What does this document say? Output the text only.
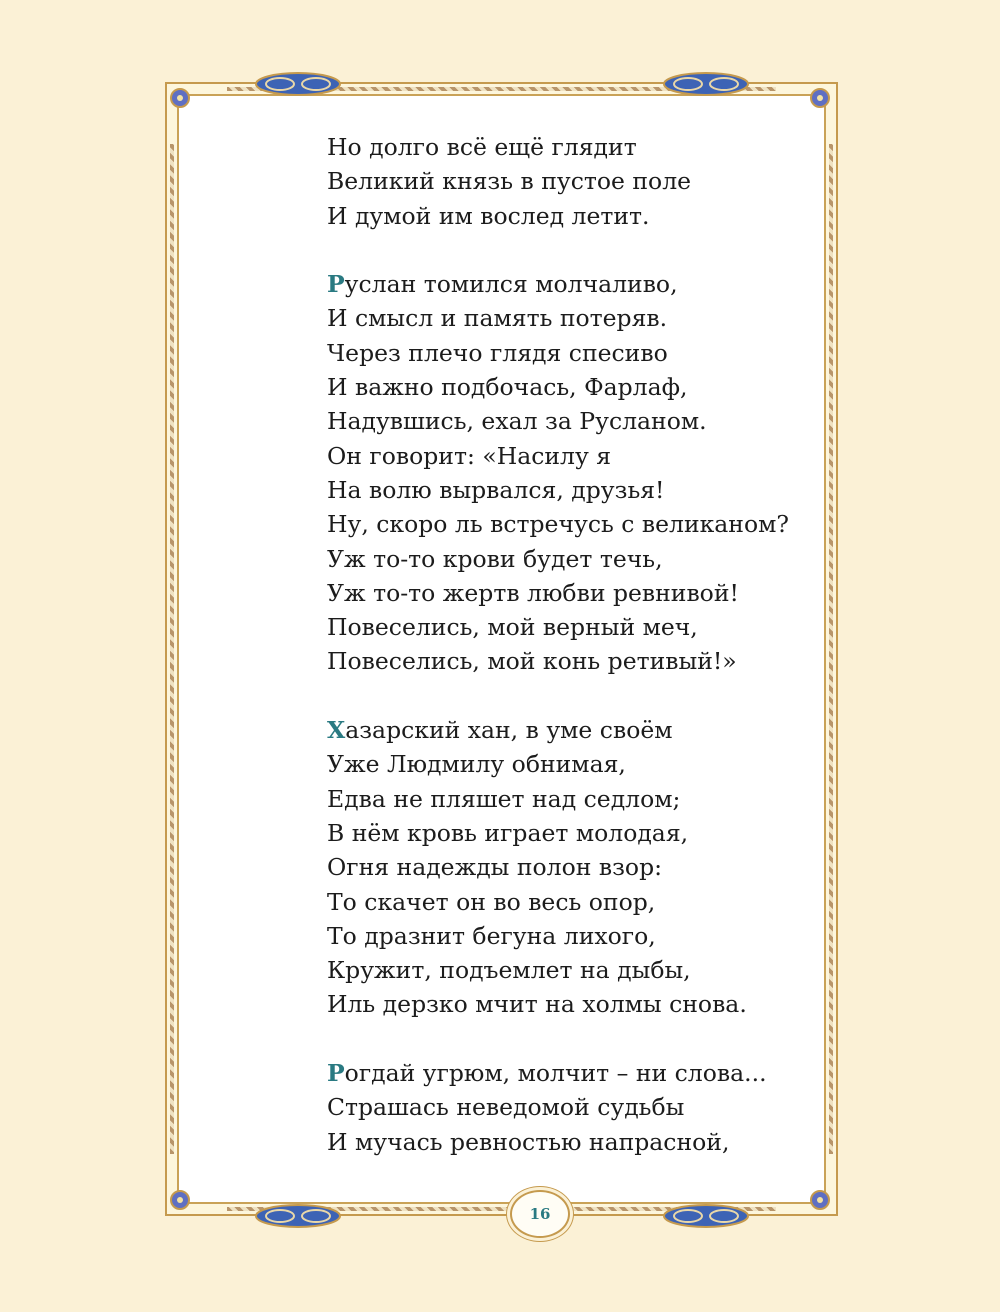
Но долго всё ещё глядит
Великий князь в пустое поле
И думой им вослед летит.
Руслан томился молчаливо,
И смысл и память потеряв.
Через плечо глядя спесиво
И важно подбочась, Фарлаф,
Надувшись, ехал за Русланом.
Он говорит: «Насилу я
На волю вырвался, друзья!
Ну, скоро ль встречусь с великаном?
Уж то-то крови будет течь,
Уж то-то жертв любви ревнивой!
Повеселись, мой верный меч,
Повеселись, мой конь ретивый!»
Хазарский хан, в уме своём
Уже Людмилу обнимая,
Едва не пляшет над седлом;
В нём кровь играет молодая,
Огня надежды полон взор:
То скачет он во весь опор,
То дразнит бегуна лихого,
Кружит, подъемлет на дыбы,
Иль дерзко мчит на холмы снова.
Рогдай угрюм, молчит – ни слова...
Страшась неведомой судьбы
И мучась ревностью напрасной,
16
